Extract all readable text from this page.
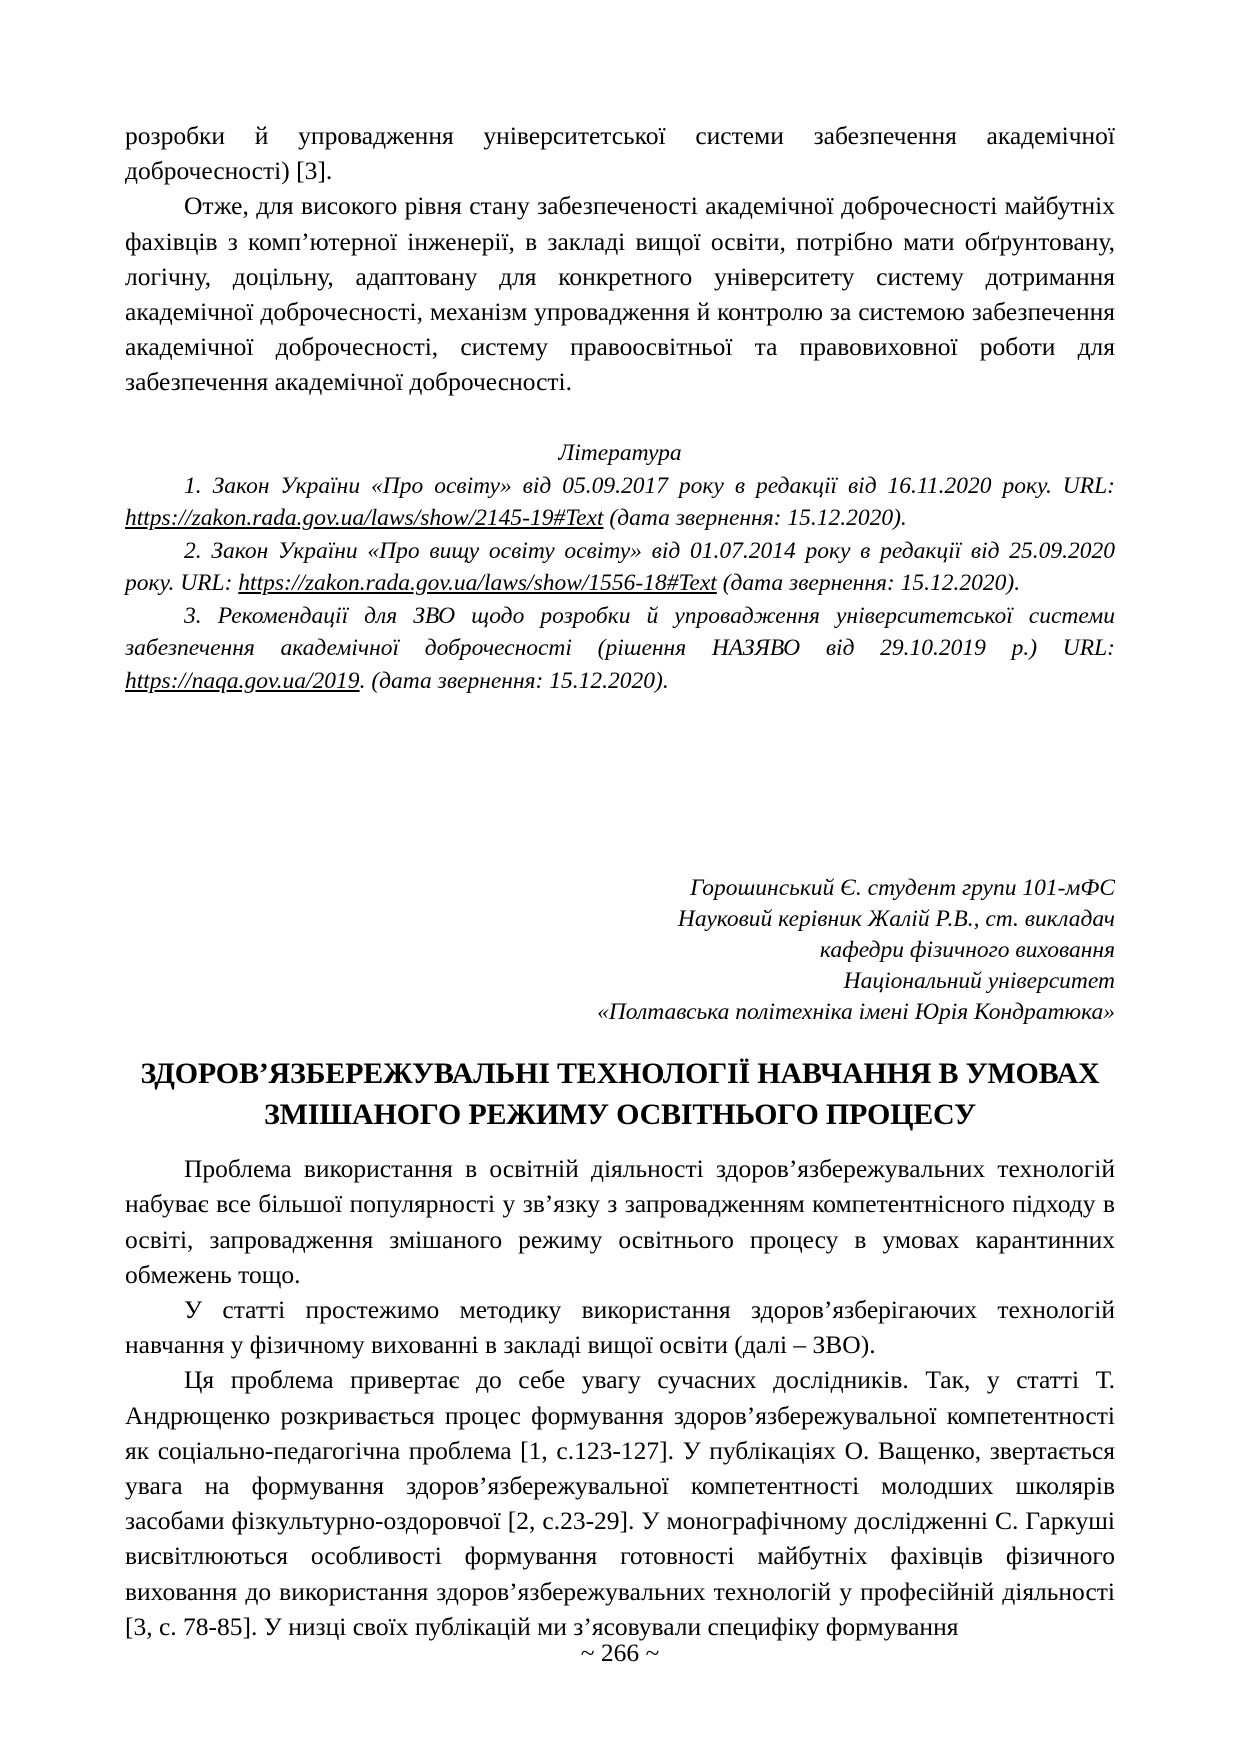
розробки й упровадження університетської системи забезпечення академічної доброчесності) [3].

Отже, для високого рівня стану забезпеченості академічної доброчесності майбутніх фахівців з комп’ютерної інженерії, в закладі вищої освіти, потрібно мати обґрунтовану, логічну, доцільну, адаптовану для конкретного університету систему дотримання академічної доброчесності, механізм упровадження й контролю за системою забезпечення академічної доброчесності, систему правоосвітньої та правовиховної роботи для забезпечення академічної доброчесності.

Література

1. Закон України «Про освіту» від 05.09.2017 року в редакції від 16.11.2020 року. URL: https://zakon.rada.gov.ua/laws/show/2145-19#Text (дата звернення: 15.12.2020).

2. Закон України «Про вищу освіту освіту» від 01.07.2014 року в редакції від 25.09.2020 року. URL: https://zakon.rada.gov.ua/laws/show/1556-18#Text (дата звернення: 15.12.2020).

3. Рекомендації для ЗВО щодо розробки й упровадження університетської системи забезпечення академічної доброчесності (рішення НАЗЯВО від 29.10.2019 р.) URL: https://naqa.gov.ua/2019. (дата звернення: 15.12.2020).

Горошинський Є. студент групи 101-мФС
Науковий керівник Жалій Р.В., ст. викладач
кафедри фізичного виховання
Національний університет
«Полтавська політехніка імені Юрія Кондратюка»
ЗДОРОВ’ЯЗБЕРЕЖУВАЛЬНІ ТЕХНОЛОГІЇ НАВЧАННЯ В УМОВАХ ЗМІШАНОГО РЕЖИМУ ОСВІТНЬОГО ПРОЦЕСУ

Проблема використання в освітній діяльності здоров’язбережувальних технологій набуває все більшої популярності у зв’язку з запровадженням компетентнісного підходу в освіті, запровадження змішаного режиму освітнього процесу в умовах карантинних обмежень тощо.

У статті простежимо методику використання здоров’язберігаючих технологій навчання у фізичному вихованні в закладі вищої освіти (далі – ЗВО).

Ця проблема привертає до себе увагу сучасних дослідників. Так, у статті Т. Андрющенко розкривається процес формування здоров’язбережувальної компетентності як соціально-педагогічна проблема [1, с.123-127]. У публікаціях О. Ващенко, звертається увага на формування здоров’язбережувальної компетентності молодших школярів засобами фізкультурно-оздоровчої [2, с.23-29]. У монографічному дослідженні С. Гаркуші висвітлюються особливості формування готовності майбутніх фахівців фізичного виховання до використання здоров’язбережувальних технологій у професійній діяльності [3, с. 78-85]. У низці своїх публікацій ми з’ясовували специфіку формування

~ 266 ~
